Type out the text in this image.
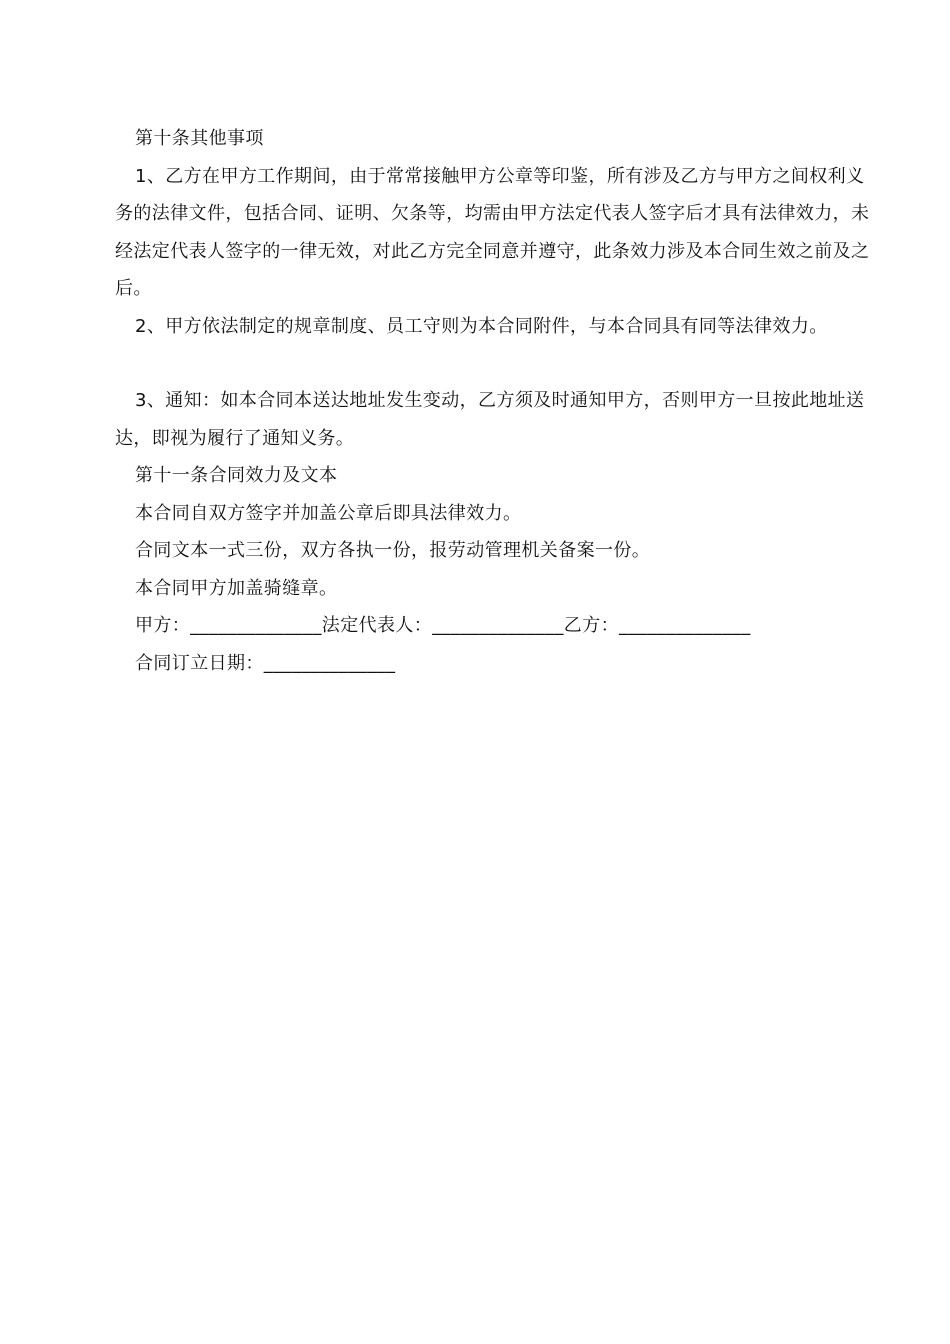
第十条其他事项

1、乙方在甲方工作期间，由于常常接触甲方公章等印鉴，所有涉及乙方与甲方之间权利义务的法律文件，包括合同、证明、欠条等，均需由甲方法定代表人签字后才具有法律效力，未经法定代表人签字的一律无效，对此乙方完全同意并遵守，此条效力涉及本合同生效之前及之后。

2、甲方依法制定的规章制度、员工守则为本合同附件，与本合同具有同等法律效力。

3、通知：如本合同本送达地址发生变动，乙方须及时通知甲方，否则甲方一旦按此地址送达，即视为履行了通知义务。

第十一条合同效力及文本

本合同自双方签字并加盖公章后即具法律效力。

合同文本一式三份，双方各执一份，报劳动管理机关备案一份。

本合同甲方加盖骑缝章。

甲方：______________法定代表人：______________乙方：______________

合同订立日期：______________
